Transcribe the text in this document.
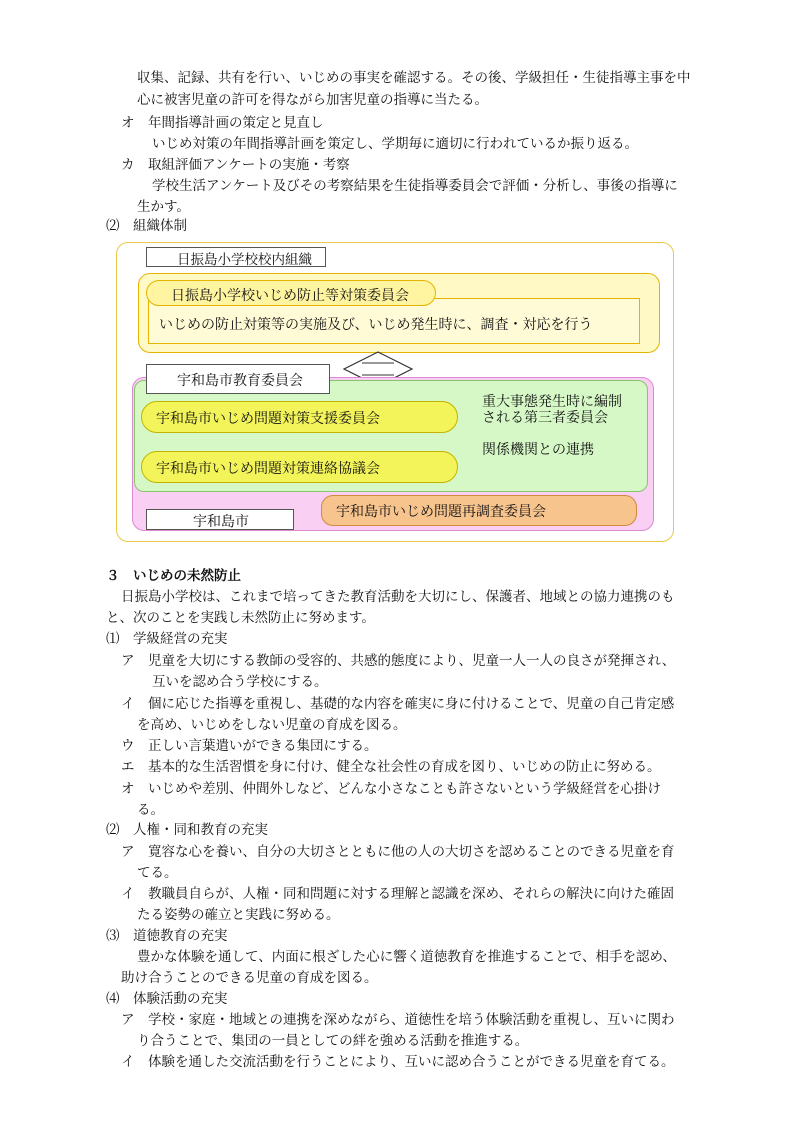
収集、記録、共有を行い、いじめの事実を確認する。その後、学級担任・生徒指導主事を中
心に被害児童の許可を得ながら加害児童の指導に当たる。
オ　年間指導計画の策定と見直し
いじめ対策の年間指導計画を策定し、学期毎に適切に行われているか振り返る。
カ　取組評価アンケートの実施・考察
学校生活アンケート及びその考察結果を生徒指導委員会で評価・分析し、事後の指導に
生かす。
⑵　組織体制
日振島小学校校内組織
いじめの防止対策等の実施及び、いじめ発生時に、調査・対応を行う
日振島小学校いじめ防止等対策委員会
宇和島市教育委員会
宇和島市いじめ問題対策支援委員会
宇和島市いじめ問題対策連絡協議会
重大事態発生時に編制
される第三者委員会
関係機関との連携
宇和島市いじめ問題再調査委員会
宇和島市
３　いじめの未然防止
日振島小学校は、これまで培ってきた教育活動を大切にし、保護者、地域との協力連携のも
と、次のことを実践し未然防止に努めます。
⑴　学級経営の充実
ア　児童を大切にする教師の受容的、共感的態度により、児童一人一人の良さが発揮され、
互いを認め合う学校にする。
イ　個に応じた指導を重視し、基礎的な内容を確実に身に付けることで、児童の自己肯定感
を高め、いじめをしない児童の育成を図る。
ウ　正しい言葉遣いができる集団にする。
エ　基本的な生活習慣を身に付け、健全な社会性の育成を図り、いじめの防止に努める。
オ　いじめや差別、仲間外しなど、どんな小さなことも許さないという学級経営を心掛け
る。
⑵　人権・同和教育の充実
ア　寛容な心を養い、自分の大切さとともに他の人の大切さを認めることのできる児童を育
てる。
イ　教職員自らが、人権・同和問題に対する理解と認識を深め、それらの解決に向けた確固
たる姿勢の確立と実践に努める。
⑶　道徳教育の充実
豊かな体験を通して、内面に根ざした心に響く道徳教育を推進することで、相手を認め、
助け合うことのできる児童の育成を図る。
⑷　体験活動の充実
ア　学校・家庭・地域との連携を深めながら、道徳性を培う体験活動を重視し、互いに関わ
り合うことで、集団の一員としての絆を強める活動を推進する。
イ　体験を通した交流活動を行うことにより、互いに認め合うことができる児童を育てる。
